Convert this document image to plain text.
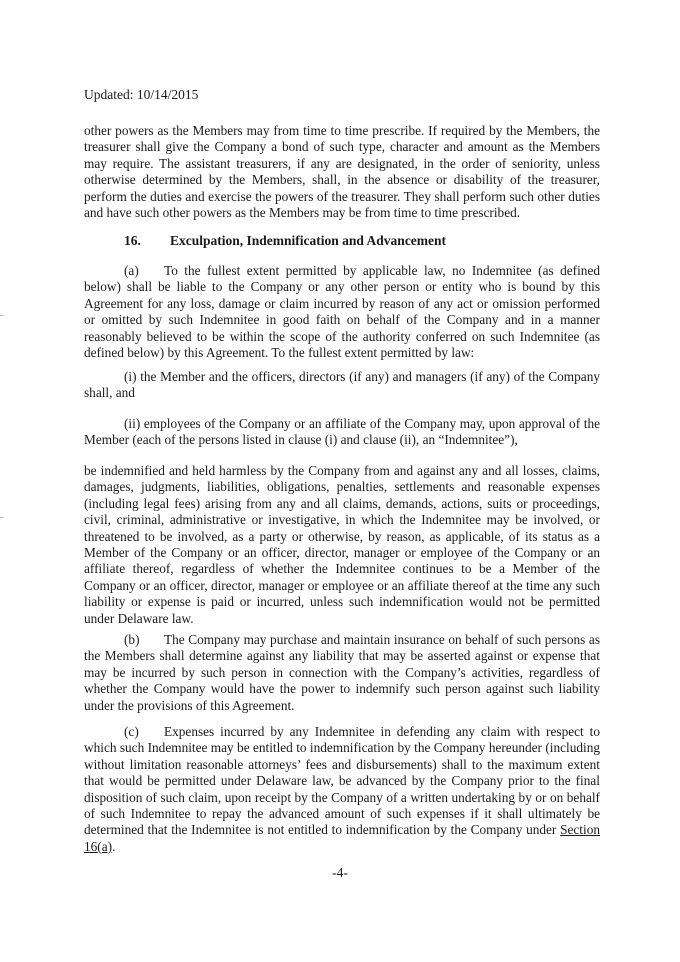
Updated: 10/14/2015

other powers as the Members may from time to time prescribe. If required by the Members, the treasurer shall give the Company a bond of such type, character and amount as the Members may require. The assistant treasurers, if any are designated, in the order of seniority, unless otherwise determined by the Members, shall, in the absence or disability of the treasurer, perform the duties and exercise the powers of the treasurer. They shall perform such other duties and have such other powers as the Members may be from time to time prescribed.

16. Exculpation, Indemnification and Advancement

(a) To the fullest extent permitted by applicable law, no Indemnitee (as defined below) shall be liable to the Company or any other person or entity who is bound by this Agreement for any loss, damage or claim incurred by reason of any act or omission performed or omitted by such Indemnitee in good faith on behalf of the Company and in a manner reasonably believed to be within the scope of the authority conferred on such Indemnitee (as defined below) by this Agreement. To the fullest extent permitted by law:

(i) the Member and the officers, directors (if any) and managers (if any) of the Company shall, and

(ii) employees of the Company or an affiliate of the Company may, upon approval of the Member (each of the persons listed in clause (i) and clause (ii), an “Indemnitee”),

be indemnified and held harmless by the Company from and against any and all losses, claims, damages, judgments, liabilities, obligations, penalties, settlements and reasonable expenses (including legal fees) arising from any and all claims, demands, actions, suits or proceedings, civil, criminal, administrative or investigative, in which the Indemnitee may be involved, or threatened to be involved, as a party or otherwise, by reason, as applicable, of its status as a Member of the Company or an officer, director, manager or employee of the Company or an affiliate thereof, regardless of whether the Indemnitee continues to be a Member of the Company or an officer, director, manager or employee or an affiliate thereof at the time any such liability or expense is paid or incurred, unless such indemnification would not be permitted under Delaware law.

(b) The Company may purchase and maintain insurance on behalf of such persons as the Members shall determine against any liability that may be asserted against or expense that may be incurred by such person in connection with the Company’s activities, regardless of whether the Company would have the power to indemnify such person against such liability under the provisions of this Agreement.

(c) Expenses incurred by any Indemnitee in defending any claim with respect to which such Indemnitee may be entitled to indemnification by the Company hereunder (including without limitation reasonable attorneys’ fees and disbursements) shall to the maximum extent that would be permitted under Delaware law, be advanced by the Company prior to the final disposition of such claim, upon receipt by the Company of a written undertaking by or on behalf of such Indemnitee to repay the advanced amount of such expenses if it shall ultimately be determined that the Indemnitee is not entitled to indemnification by the Company under Section 16(a).

-4-
